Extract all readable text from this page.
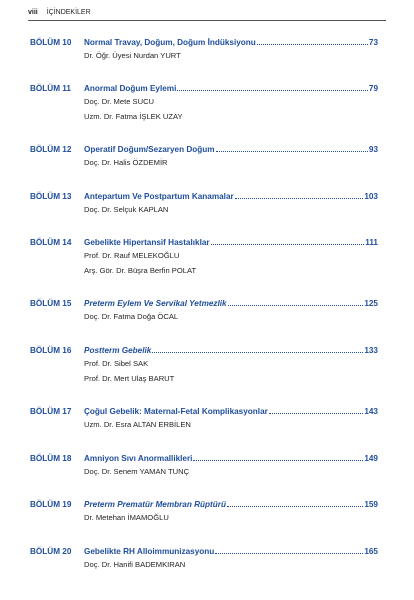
viii İÇİNDEKİLER
BÖLÜM 10 Normal Travay, Doğum, Doğum İndüksiyonu	73
Dr. Öğr. Üyesi Nurdan YURT
BÖLÜM 11 Anormal Doğum Eylemi	79
Doç. Dr. Mete SUCU
Uzm. Dr. Fatma İŞLEK UZAY
BÖLÜM 12 Operatif Doğum/Sezaryen Doğum	93
Doç. Dr. Halis ÖZDEMİR
BÖLÜM 13 Antepartum Ve Postpartum Kanamalar	103
Doç. Dr. Selçuk KAPLAN
BÖLÜM 14 Gebelikte Hipertansif Hastalıklar	111
Prof. Dr. Rauf MELEKOĞLU
Arş. Gör. Dr. Büşra Berfin POLAT
BÖLÜM 15 Preterm Eylem Ve Servikal Yetmezlik	125
Doç. Dr. Fatma Doğa ÖCAL
BÖLÜM 16 Postterm Gebelik	133
Prof. Dr. Sibel SAK
Prof. Dr. Mert Ulaş BARUT
BÖLÜM 17 Çoğul Gebelik: Maternal-Fetal Komplikasyonlar	143
Uzm. Dr. Esra ALTAN ERBİLEN
BÖLÜM 18 Amniyon Sıvı Anormallikleri	149
Doç. Dr. Senem YAMAN TUNÇ
BÖLÜM 19 Preterm Prematür Membran Rüptürü	159
Dr. Metehan İMAMOĞLU
BÖLÜM 20 Gebelikte RH Alloimmunizasyonu	165
Doç. Dr. Hanifi BADEMKIRAN
